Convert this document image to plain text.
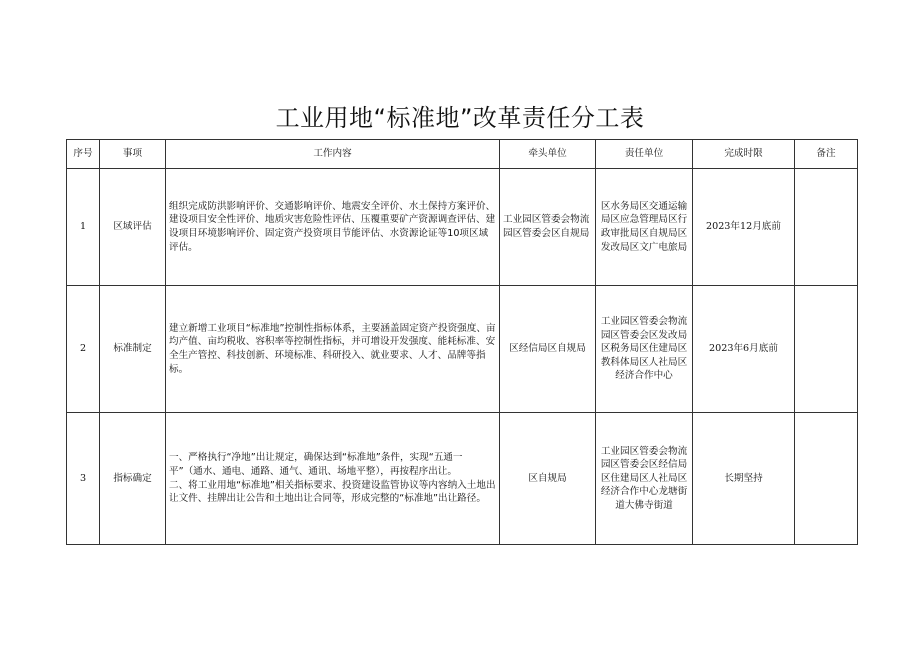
工业用地“标准地”改革责任分工表
序号	事项	工作内容	牵头单位	责任单位	完成时限	备注
1	区域评估	组织完成防洪影响评价、交通影响评价、地震安全评价、水土保持方案评价、建设项目安全性评价、地质灾害危险性评估、压覆重要矿产资源调查评估、建设项目环境影响评价、固定资产投资项目节能评估、水资源论证等10项区域评估。	工业园区管委会物流园区管委会区自规局	区水务局区交通运输局区应急管理局区行政审批局区自规局区发改局区文广电旅局	2023年12月底前	
2	标准制定	建立新增工业项目“标准地”控制性指标体系，主要涵盖固定资产投资强度、亩均产值、亩均税收、容积率等控制性指标，并可增设开发强度、能耗标准、安全生产管控、科技创新、环境标准、科研投入、就业要求、人才、品牌等指标。	区经信局区自规局	工业园区管委会物流园区管委会区发改局区税务局区住建局区教科体局区人社局区经济合作中心	2023年6月底前	
3	指标确定	一、严格执行“净地”出让规定，确保达到“标准地”条件，实现“五通一平”（通水、通电、通路、通气、通讯、场地平整），再按程序出让。
二、将工业用地“标准地”相关指标要求、投资建设监管协议等内容纳入土地出让文件、挂牌出让公告和土地出让合同等，形成完整的“标准地”出让路径。	区自规局	工业园区管委会物流园区管委会区经信局区住建局区人社局区经济合作中心龙塘街道大佛寺街道	长期坚持	
